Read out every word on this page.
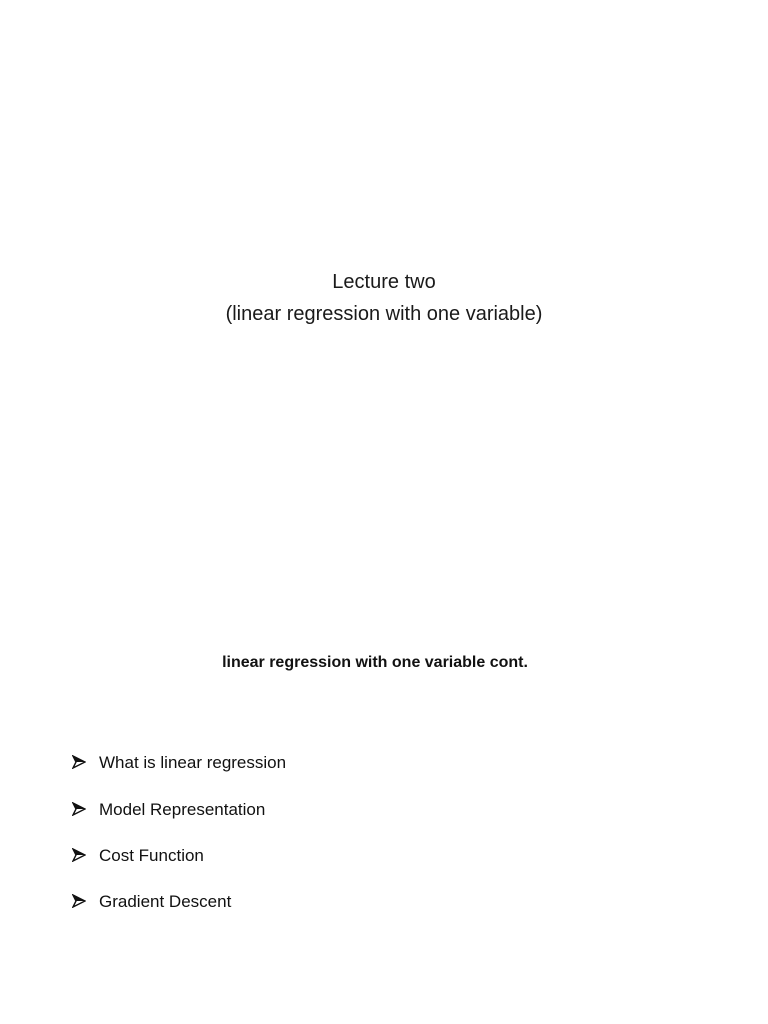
Lecture two
(linear regression with one variable)
linear regression with one variable cont.
What is linear regression
Model Representation
Cost Function
Gradient Descent
